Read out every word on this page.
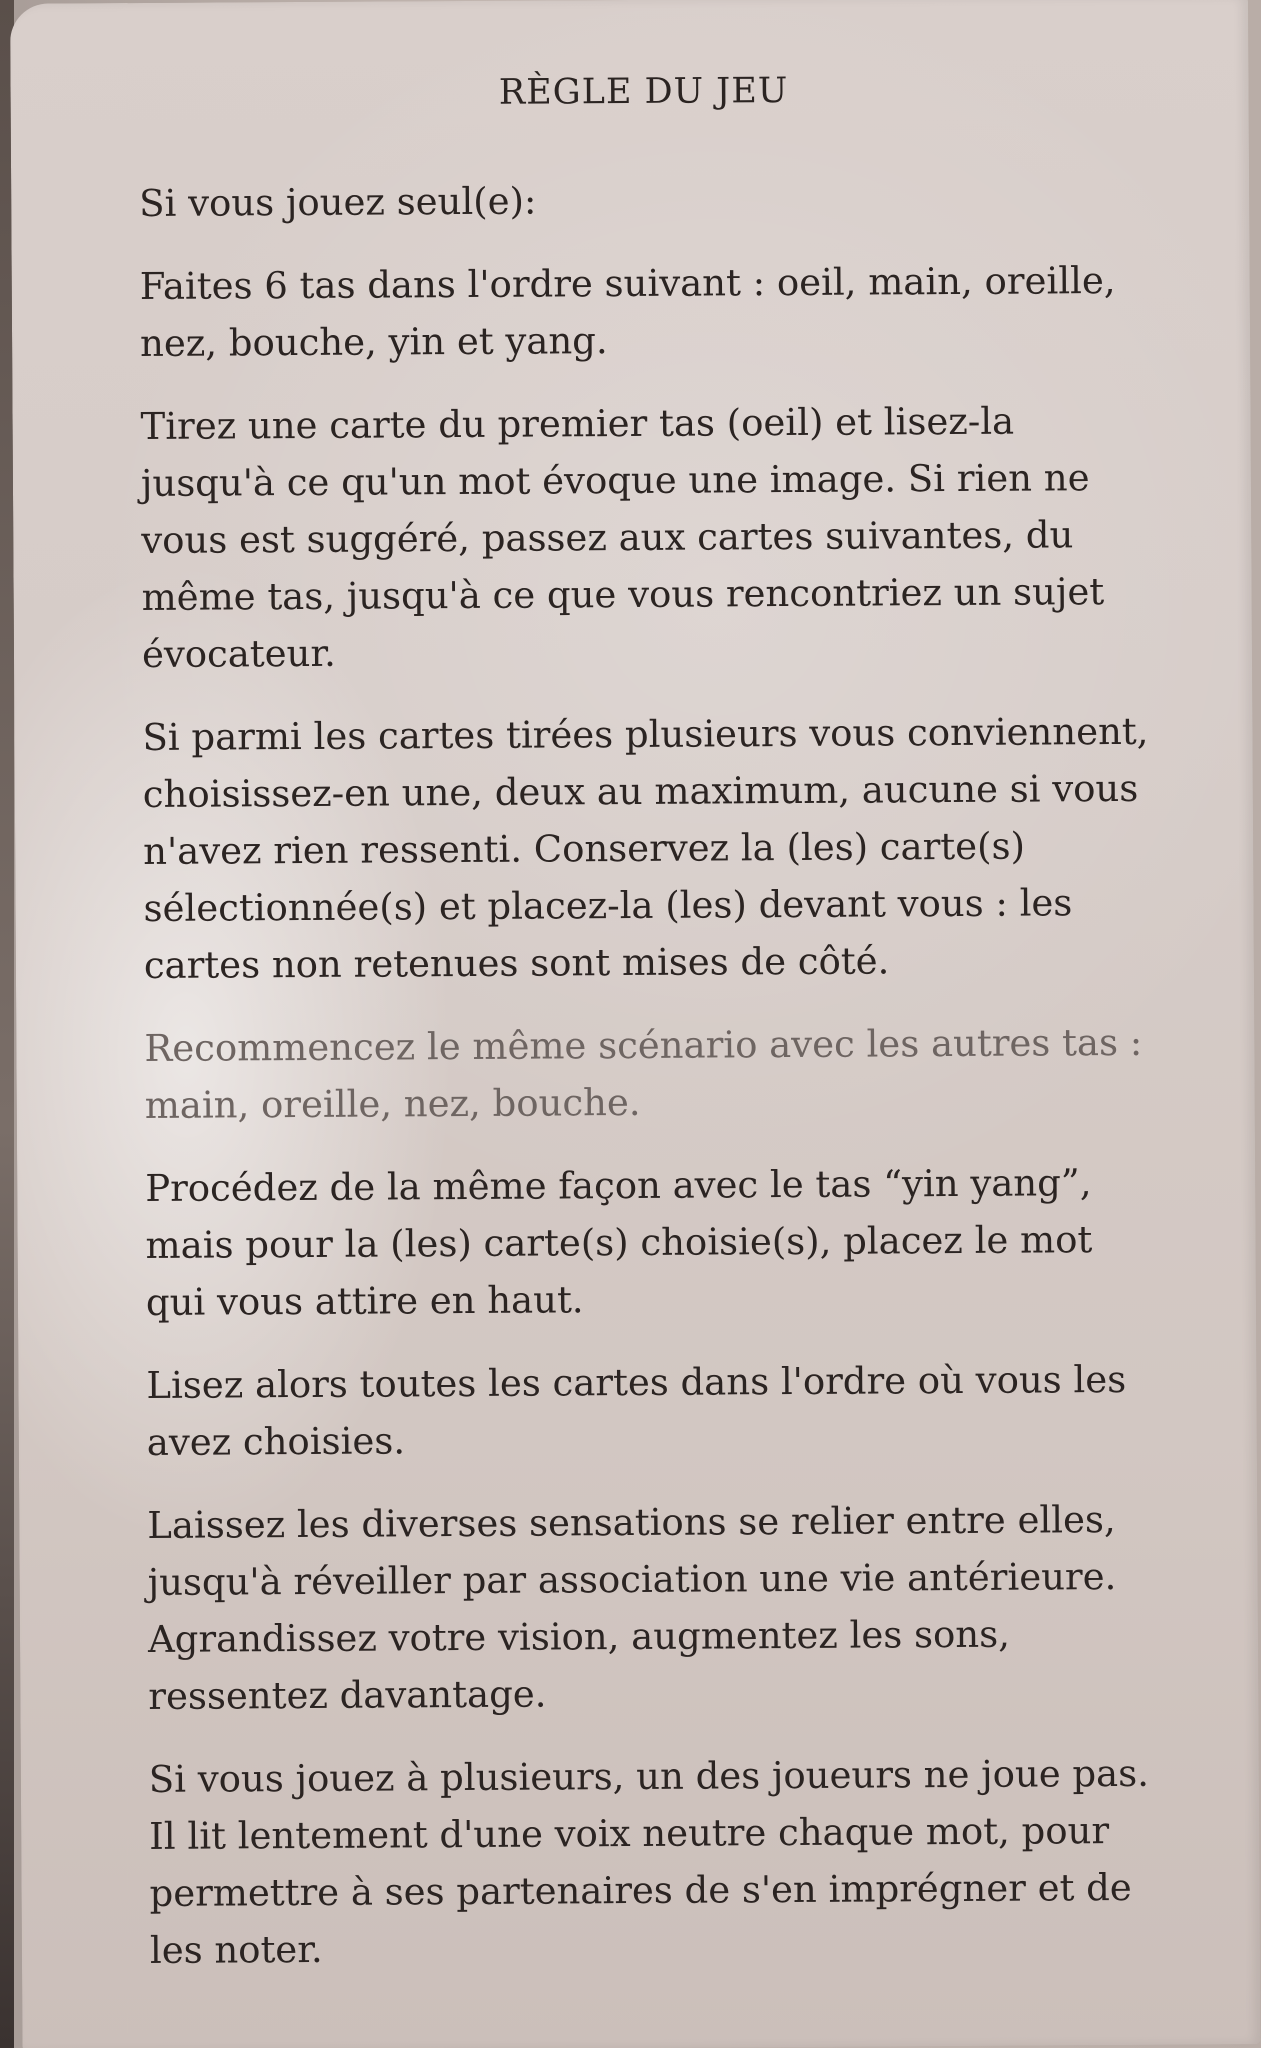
RÈGLE DU JEU

Si vous jouez seul(e):

Faites 6 tas dans l'ordre suivant : oeil, main, oreille, nez, bouche, yin et yang.

Tirez une carte du premier tas (oeil) et lisez-la jusqu'à ce qu'un mot évoque une image. Si rien ne vous est suggéré, passez aux cartes suivantes, du même tas, jusqu'à ce que vous rencontriez un sujet évocateur.

Si parmi les cartes tirées plusieurs vous conviennent, choisissez-en une, deux au maximum, aucune si vous n'avez rien ressenti. Conservez la (les) carte(s) sélectionnée(s) et placez-la (les) devant vous : les cartes non retenues sont mises de côté.

Recommencez le même scénario avec les autres tas : main, oreille, nez, bouche.

Procédez de la même façon avec le tas “yin yang”, mais pour la (les) carte(s) choisie(s), placez le mot qui vous attire en haut.

Lisez alors toutes les cartes dans l'ordre où vous les avez choisies.

Laissez les diverses sensations se relier entre elles, jusqu'à réveiller par association une vie antérieure. Agrandissez votre vision, augmentez les sons, ressentez davantage.

Si vous jouez à plusieurs, un des joueurs ne joue pas. Il lit lentement d'une voix neutre chaque mot, pour permettre à ses partenaires de s'en imprégner et de les noter.
